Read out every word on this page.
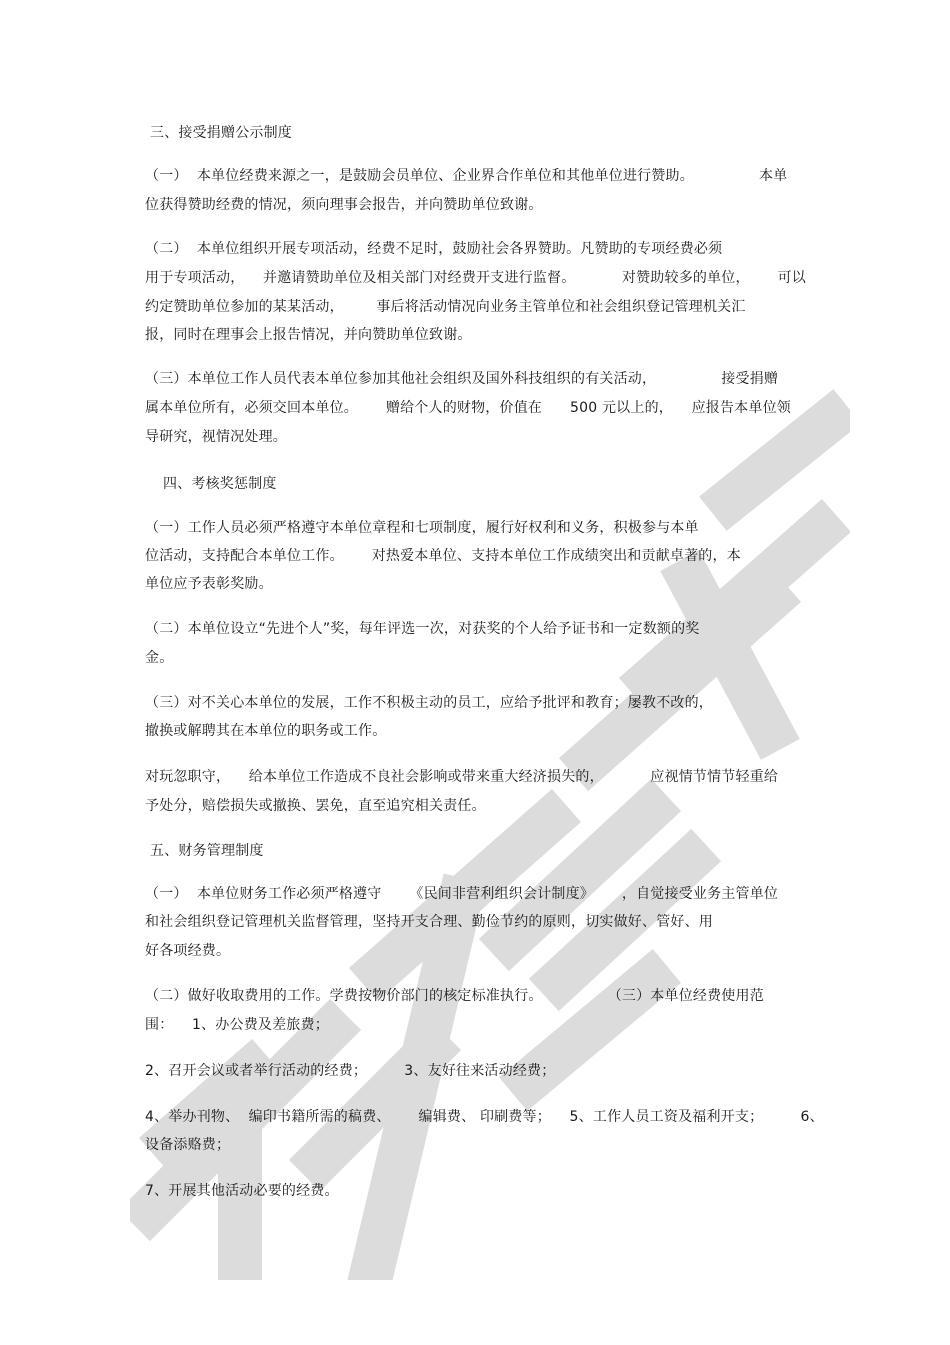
三、接受捐赠公示制度
（一）  本单位经费来源之一，是鼓励会员单位、企业界合作单位和其他单位进行赞助。              本单
位获得赞助经费的情况，须向理事会报告，并向赞助单位致谢。
（二）  本单位组织开展专项活动，经费不足时，鼓励社会各界赞助。凡赞助的专项经费必须
用于专项活动，    并邀请赞助单位及相关部门对经费开支进行监督。          对赞助较多的单位，      可以
约定赞助单位参加的某某活动，       事后将活动情况向业务主管单位和社会组织登记管理机关汇
报，同时在理事会上报告情况，并向赞助单位致谢。
（三）本单位工作人员代表本单位参加其他社会组织及国外科技组织的有关活动，              接受捐赠
属本单位所有，必须交回本单位。      赠给个人的财物，价值在      500 元以上的，    应报告本单位领
导研究，视情况处理。
四、考核奖惩制度
（一）工作人员必须严格遵守本单位章程和七项制度，履行好权利和义务，积极参与本单
位活动，支持配合本单位工作。      对热爱本单位、支持本单位工作成绩突出和贡献卓著的，本
单位应予表彰奖励。
（二）本单位设立“先进个人”奖，每年评选一次，对获奖的个人给予证书和一定数额的奖
金。
（三）对不关心本单位的发展，工作不积极主动的员工，应给予批评和教育；屡教不改的，
撤换或解聘其在本单位的职务或工作。
对玩忽职守，    给本单位工作造成不良社会影响或带来重大经济损失的，          应视情节情节轻重给
予处分，赔偿损失或撤换、罢免，直至追究相关责任。
五、财务管理制度
（一）  本单位财务工作必须严格遵守      《民间非营利组织会计制度》      ，自觉接受业务主管单位
和社会组织登记管理机关监督管理，坚持开支合理、勤俭节约的原则，切实做好、管好、用
好各项经费。
（二）做好收取费用的工作。学费按物价部门的核定标准执行。              （三）本单位经费使用范
围：    1、办公费及差旅费；
2、召开会议或者举行活动的经费；        3、友好往来活动经费；
4、举办刊物、  编印书籍所需的稿费、      编辑费、 印刷费等；    5、工作人员工资及福利开支；        6、
设备添赂费；
7、开展其他活动必要的经费。
